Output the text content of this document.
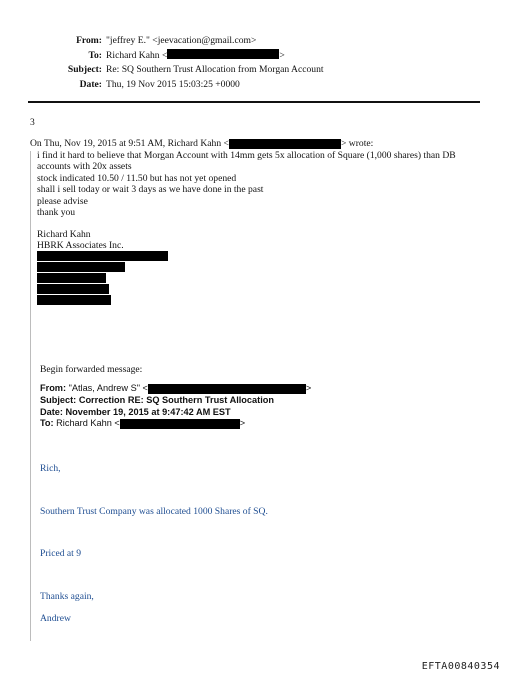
From: "jeffrey E." <jeevacation@gmail.com>
To: Richard Kahn <	>
Subject: Re: SQ Southern Trust Allocation from Morgan Account
Date: Thu, 19 Nov 2015 15:03:25 +0000
3
On Thu, Nov 19, 2015 at 9:51 AM, Richard Kahn <	> wrote:
i find it hard to believe that Morgan Account with 14mm gets 5x allocation of Square (1,000 shares) than DB
accounts with 20x assets
stock indicated 10.50 / 11.50 but has not yet opened
shall i sell today or wait 3 days as we have done in the past
please advise
thank you
Richard Kahn
HBRK Associates Inc.
Begin forwarded message:
From: "Atlas, Andrew S" <	>
Subject: Correction RE: SQ Southern Trust Allocation
Date: November 19, 2015 at 9:47:42 AM EST
To: Richard Kahn <	>
Rich,
Southern Trust Company was allocated 1000 Shares of SQ.
Priced at 9
Thanks again,
Andrew
EFTA00840354
